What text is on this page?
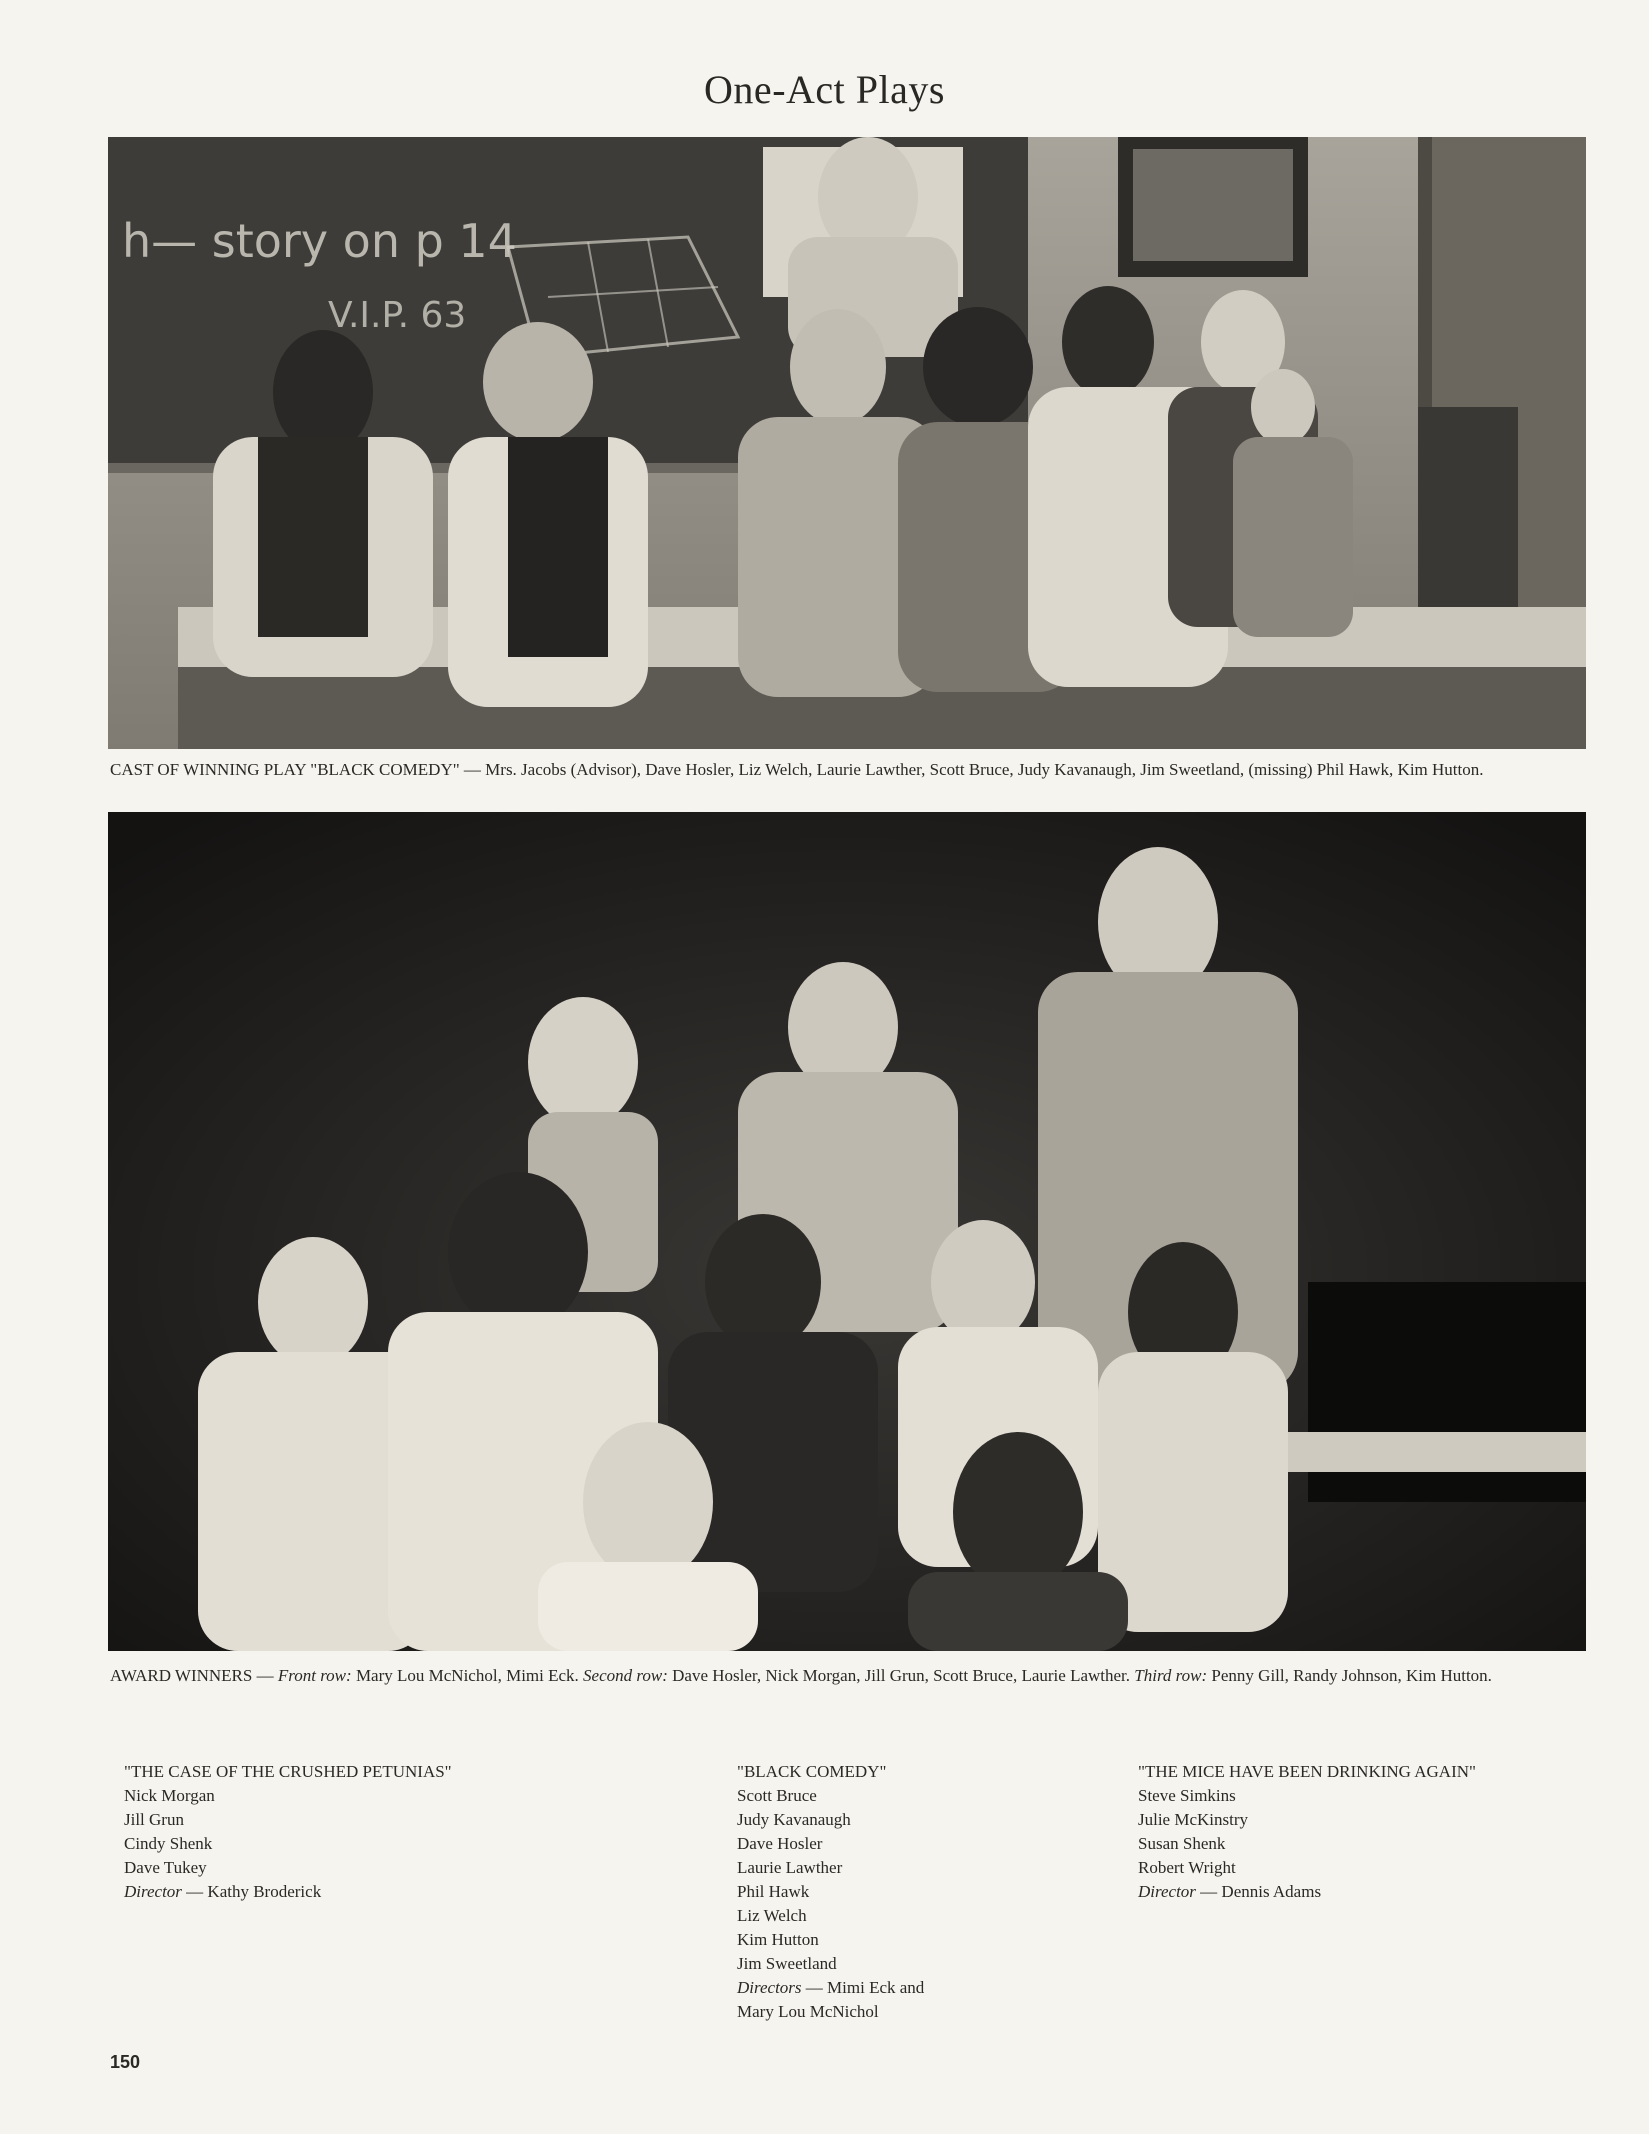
One-Act Plays
h— story on p 14
V.I.P. 63
CAST OF WINNING PLAY "BLACK COMEDY" — Mrs. Jacobs (Advisor), Dave Hosler, Liz Welch, Laurie Lawther, Scott Bruce, Judy Kavanaugh, Jim Sweetland, (missing) Phil Hawk, Kim Hutton.
AWARD WINNERS — Front row: Mary Lou McNichol, Mimi Eck. Second row: Dave Hosler, Nick Morgan, Jill Grun, Scott Bruce, Laurie Lawther. Third row: Penny Gill, Randy Johnson, Kim Hutton.
"THE CASE OF THE CRUSHED PETUNIAS"
Nick Morgan
Jill Grun
Cindy Shenk
Dave Tukey
Director — Kathy Broderick
"BLACK COMEDY"
Scott Bruce
Judy Kavanaugh
Dave Hosler
Laurie Lawther
Phil Hawk
Liz Welch
Kim Hutton
Jim Sweetland
Directors — Mimi Eck and
Mary Lou McNichol
"THE MICE HAVE BEEN DRINKING AGAIN"
Steve Simkins
Julie McKinstry
Susan Shenk
Robert Wright
Director — Dennis Adams
150
